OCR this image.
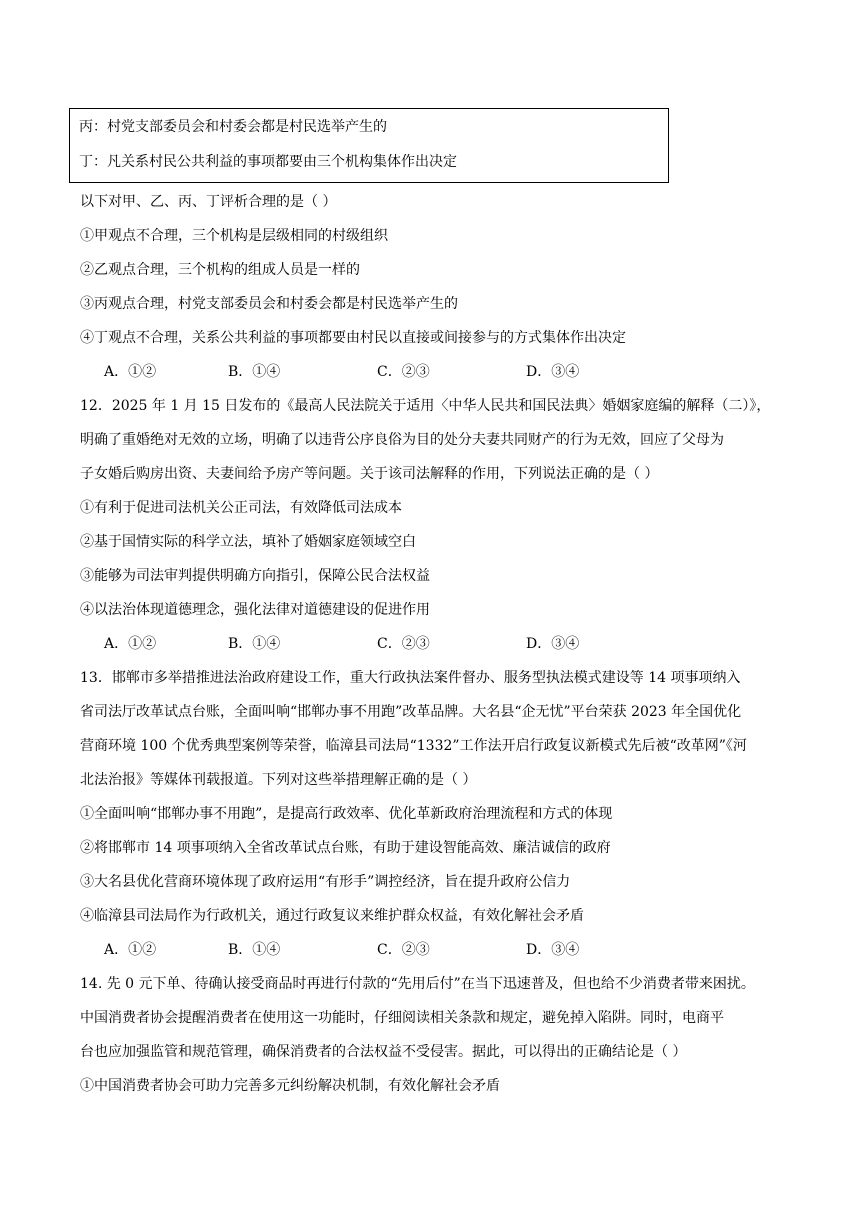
丙：村党支部委员会和村委会都是村民选举产生的
丁：凡关系村民公共利益的事项都要由三个机构集体作出决定
以下对甲、乙、丙、丁评析合理的是（ ）
①甲观点不合理，三个机构是层级相同的村级组织
②乙观点合理，三个机构的组成人员是一样的
③丙观点合理，村党支部委员会和村委会都是村民选举产生的
④丁观点不合理，关系公共利益的事项都要由村民以直接或间接参与的方式集体作出决定
A．①②	B．①④	C．②③	D．③④
12．2025 年 1 月 15 日发布的《最高人民法院关于适用〈中华人民共和国民法典〉婚姻家庭编的解释（二）》，
明确了重婚绝对无效的立场，明确了以违背公序良俗为目的处分夫妻共同财产的行为无效，回应了父母为
子女婚后购房出资、夫妻间给予房产等问题。关于该司法解释的作用，下列说法正确的是（ ）
①有利于促进司法机关公正司法，有效降低司法成本
②基于国情实际的科学立法，填补了婚姻家庭领域空白
③能够为司法审判提供明确方向指引，保障公民合法权益
④以法治体现道德理念，强化法律对道德建设的促进作用
A．①②	B．①④	C．②③	D．③④
13．邯郸市多举措推进法治政府建设工作，重大行政执法案件督办、服务型执法模式建设等 14 项事项纳入
省司法厅改革试点台账，全面叫响“邯郸办事不用跑”改革品牌。大名县“企无忧”平台荣获 2023 年全国优化
营商环境 100 个优秀典型案例等荣誉，临漳县司法局“1332”工作法开启行政复议新模式先后被“改革网”《河
北法治报》等媒体刊载报道。下列对这些举措理解正确的是（ ）
①全面叫响“邯郸办事不用跑”，是提高行政效率、优化革新政府治理流程和方式的体现
②将邯郸市 14 项事项纳入全省改革试点台账，有助于建设智能高效、廉洁诚信的政府
③大名县优化营商环境体现了政府运用“有形手”调控经济，旨在提升政府公信力
④临漳县司法局作为行政机关，通过行政复议来维护群众权益，有效化解社会矛盾
A．①②	B．①④	C．②③	D．③④
14. 先 0 元下单、待确认接受商品时再进行付款的“先用后付”在当下迅速普及，但也给不少消费者带来困扰。
中国消费者协会提醒消费者在使用这一功能时，仔细阅读相关条款和规定，避免掉入陷阱。同时，电商平
台也应加强监管和规范管理，确保消费者的合法权益不受侵害。据此，可以得出的正确结论是（ ）
①中国消费者协会可助力完善多元纠纷解决机制，有效化解社会矛盾
